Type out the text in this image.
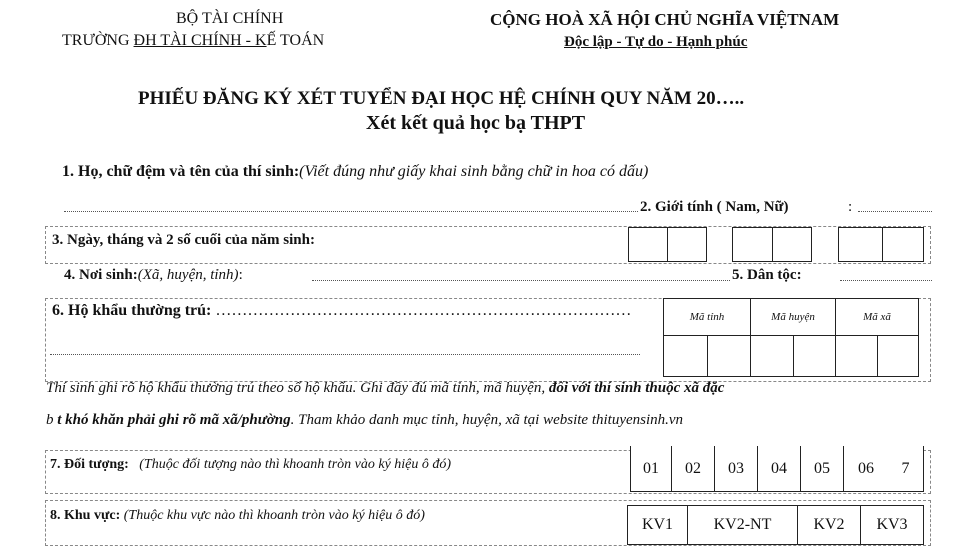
BỘ TÀI CHÍNH
TRƯỜNG ĐH TÀI CHÍNH - KẾ TOÁN
CỘNG HOÀ XÃ HỘI CHỦ NGHĨA VIỆTNAM
Độc lập - Tự do - Hạnh phúc
PHIẾU ĐĂNG KÝ XÉT TUYỂN ĐẠI HỌC HỆ CHÍNH QUY NĂM 20…..
Xét kết quả học bạ THPT
1. Họ, chữ đệm và tên của thí sinh:(Viết đúng như giấy khai sinh bằng chữ in hoa có dấu)
2. Giới tính ( Nam, Nữ)	:
3. Ngày, tháng và 2 số cuối của năm sinh:
4. Nơi sinh:(Xã, huyện, tỉnh):	5. Dân tộc:
6. Hộ khẩu thường trú: ……………………………………………………………………	Mã tỉnh	Mã huyện	Mã xã
Thí sinh ghi rõ hộ khẩu thường trú theo sổ hộ khẩu. Ghi đầy đủ mã tỉnh, mã huyện, đối với thí sinh thuộc xã đặc
b t khó khăn phải ghi rõ mã xã/phường. Tham khảo danh mục tỉnh, huyện, xã tại website thituyensinh.vn
7. Đối tượng: (Thuộc đối tượng nào thì khoanh tròn vào ký hiệu ô đó)	01	02	03	04	05	06	7
8. Khu vực: (Thuộc khu vực nào thì khoanh tròn vào ký hiệu ô đó)
KV1	KV2-NT	KV2	KV3
